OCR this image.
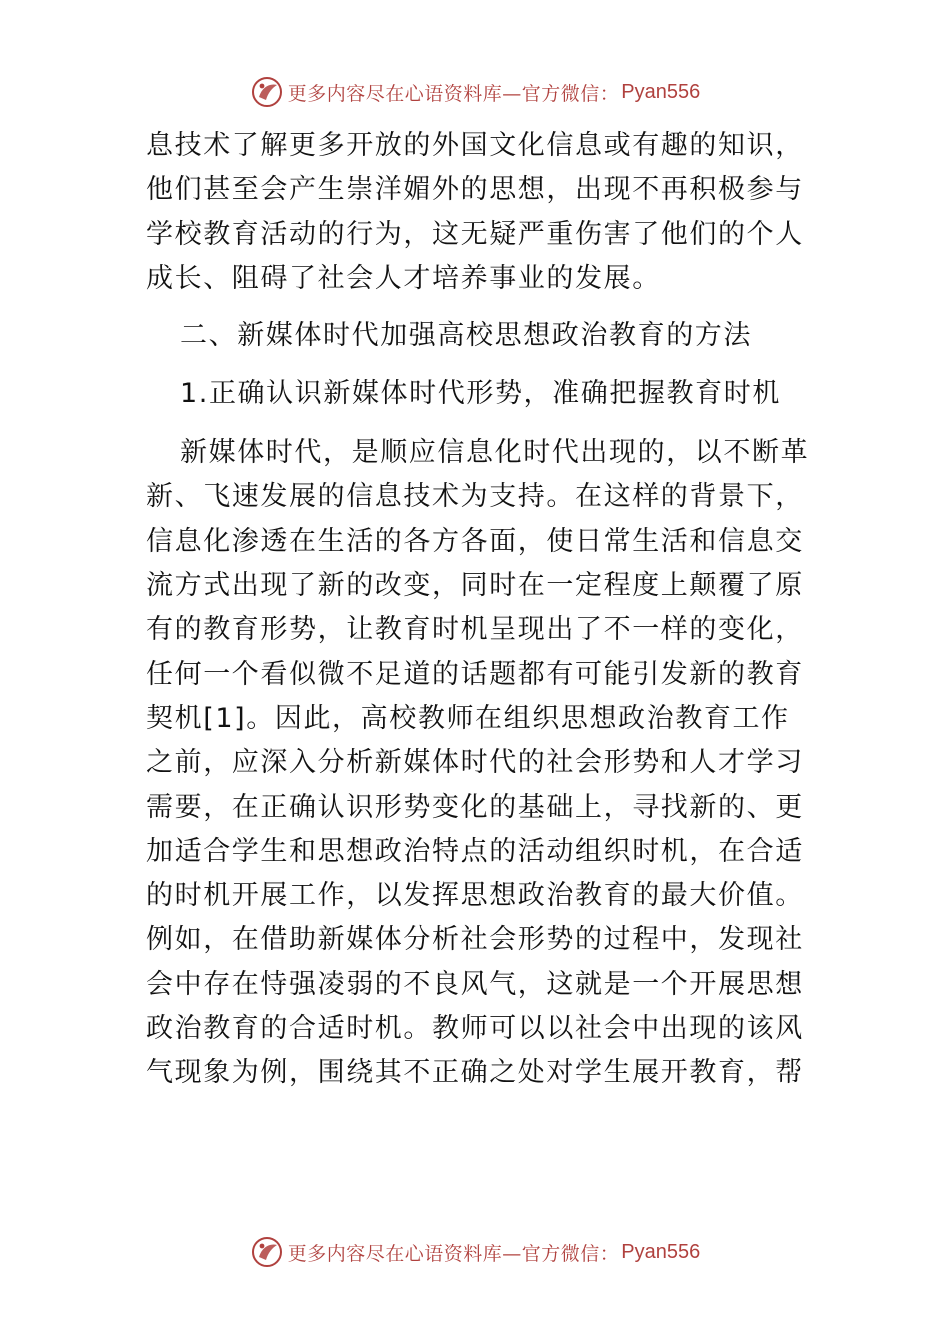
更多内容尽在心语资料库—官方微信： Pyan556
息技术了解更多开放的外国文化信息或有趣的知识，
他们甚至会产生崇洋媚外的思想，出现不再积极参与
学校教育活动的行为，这无疑严重伤害了他们的个人
成长、阻碍了社会人才培养事业的发展。
二、新媒体时代加强高校思想政治教育的方法
1.正确认识新媒体时代形势，准确把握教育时机
新媒体时代，是顺应信息化时代出现的，以不断革
新、飞速发展的信息技术为支持。在这样的背景下，
信息化渗透在生活的各方各面，使日常生活和信息交
流方式出现了新的改变，同时在一定程度上颠覆了原
有的教育形势，让教育时机呈现出了不一样的变化，
任何一个看似微不足道的话题都有可能引发新的教育
契机[1]。因此，高校教师在组织思想政治教育工作
之前，应深入分析新媒体时代的社会形势和人才学习
需要，在正确认识形势变化的基础上，寻找新的、更
加适合学生和思想政治特点的活动组织时机，在合适
的时机开展工作，以发挥思想政治教育的最大价值。
例如，在借助新媒体分析社会形势的过程中，发现社
会中存在恃强凌弱的不良风气，这就是一个开展思想
政治教育的合适时机。教师可以以社会中出现的该风
气现象为例，围绕其不正确之处对学生展开教育，帮
更多内容尽在心语资料库—官方微信： Pyan556
